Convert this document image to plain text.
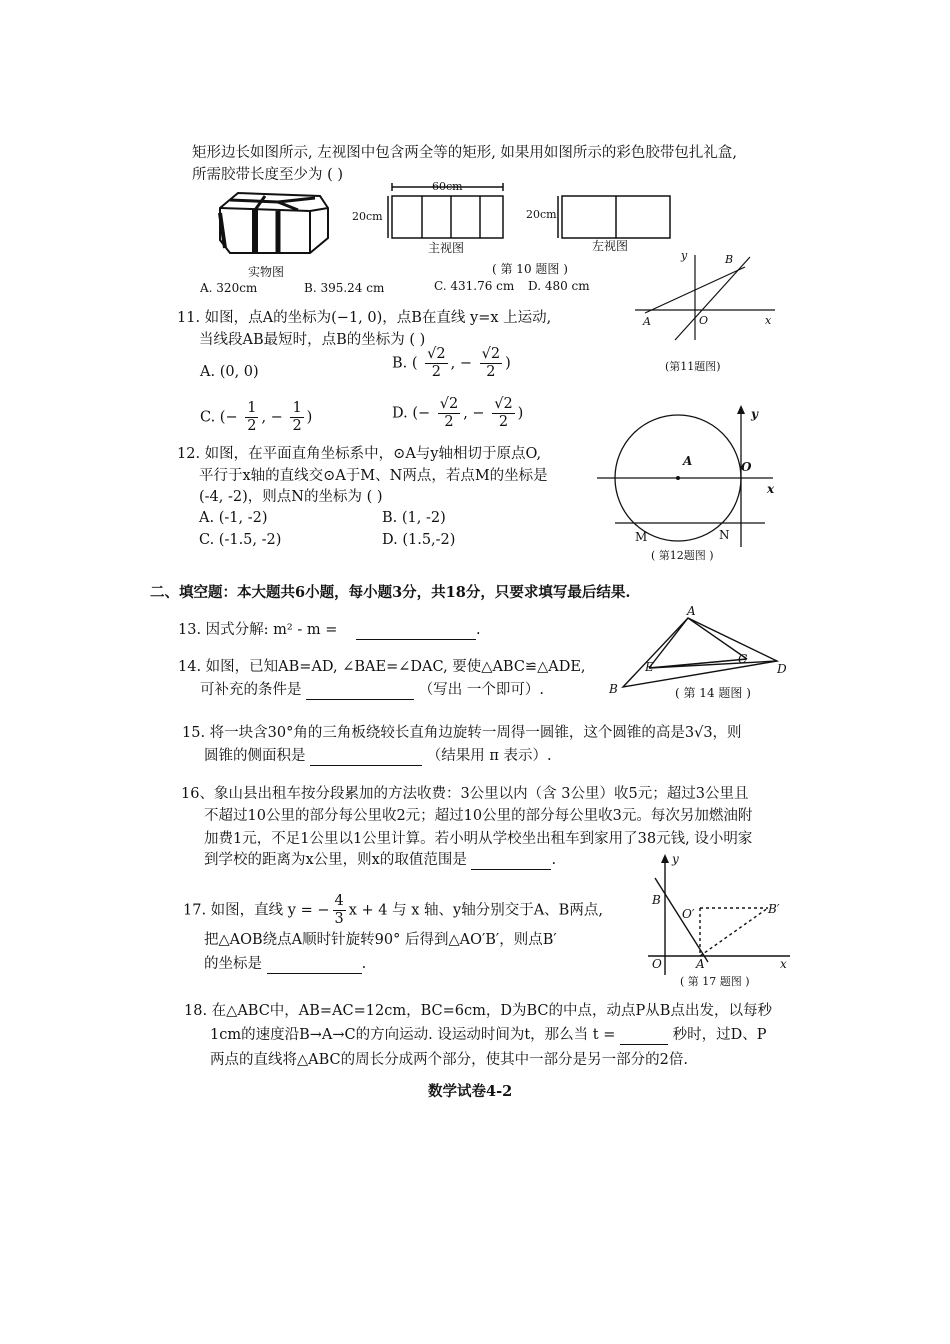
矩形边长如图所示, 左视图中包含两全等的矩形, 如果用如图所示的彩色胶带包扎礼盒,
所需胶带长度至少为 ( )
60cm
20cm
主视图
20cm
左视图
实物图	( 第 10 题图 )
A. 320cm	B. 395.24 cm	C. 431.76 cm D. 480 cm
y	B
A	O	x
(第11题图)
11. 如图，点A的坐标为(−1, 0)，点B在直线 y=x 上运动,
当线段AB最短时，点B的坐标为 ( )
A. (0, 0)
B. ( $\frac{√2}{2}$ , − $\frac{√2}{2}$ )
C. (− $\frac{1}{2}$ , − $\frac{1}{2}$ )	D. (− $\frac{√2}{2}$ , − $\frac{√2}{2}$ )
12. 如图，在平面直角坐标系中，⊙A与y轴相切于原点O,
平行于x轴的直线交⊙A于M、N两点，若点M的坐标是
(-4, -2)，则点N的坐标为 ( )
A. (-1, -2)	B. (1, -2)
C. (-1.5, -2)	D. (1.5,-2)
y
A	O
x
M	N
( 第12题图 )
二、填空题：本大题共6小题，每小题3分，共18分，只要求填写最后结果.
13. 因式分解: m² - m =	.
14. 如图，已知AB=AD, ∠BAE=∠DAC, 要使△ABC≌△ADE,
可补充的条件是	（写出 一个即可）.
A
E
C
D
B	( 第 14 题图 )
15. 将一块含30°角的三角板绕较长直角边旋转一周得一圆锥，这个圆锥的高是3√3，则
圆锥的侧面积是	（结果用 π 表示）.
16、象山县出租车按分段累加的方法收费：3公里以内（含 3公里）收5元；超过3公里且
不超过10公里的部分每公里收2元；超过10公里的部分每公里收3元。每次另加燃油附
加费1元，不足1公里以1公里计算。若小明从学校坐出租车到家用了38元钱, 设小明家
到学校的距离为x公里，则x的取值范围是	.	y
B
O′	B′
O	A	x
( 第 17 题图 )
17. 如图，直线 y = − $\frac{4}{3}$ x + 4 与 x 轴、y轴分别交于A、B两点,
把△AOB绕点A顺时针旋转90° 后得到△AO′B′，则点B′
的坐标是	.
18. 在△ABC中，AB=AC=12cm，BC=6cm，D为BC的中点，动点P从B点出发，以每秒
1cm的速度沿B→A→C的方向运动. 设运动时间为t，那么当 t =	秒时，过D、P
两点的直线将△ABC的周长分成两个部分，使其中一部分是另一部分的2倍.
数学试卷4-2
